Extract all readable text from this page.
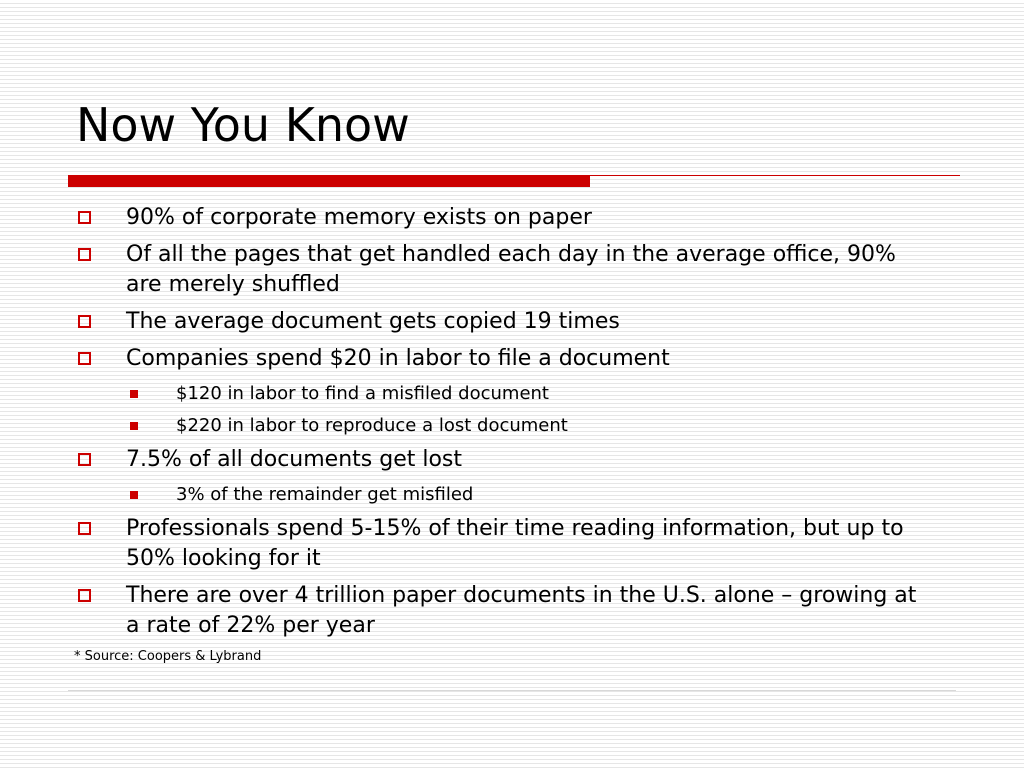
Now You Know
90% of corporate memory exists on paper
Of all the pages that get handled each day in the average office, 90% are merely shuffled
The average document gets copied 19 times
Companies spend $20 in labor to file a document
$120 in labor to find a misfiled document
$220 in labor to reproduce a lost document
7.5% of all documents get lost
3% of the remainder get misfiled
Professionals spend 5-15% of their time reading information, but up to 50% looking for it
There are over 4 trillion paper documents in the U.S. alone – growing at a rate of 22% per year
* Source: Coopers & Lybrand
